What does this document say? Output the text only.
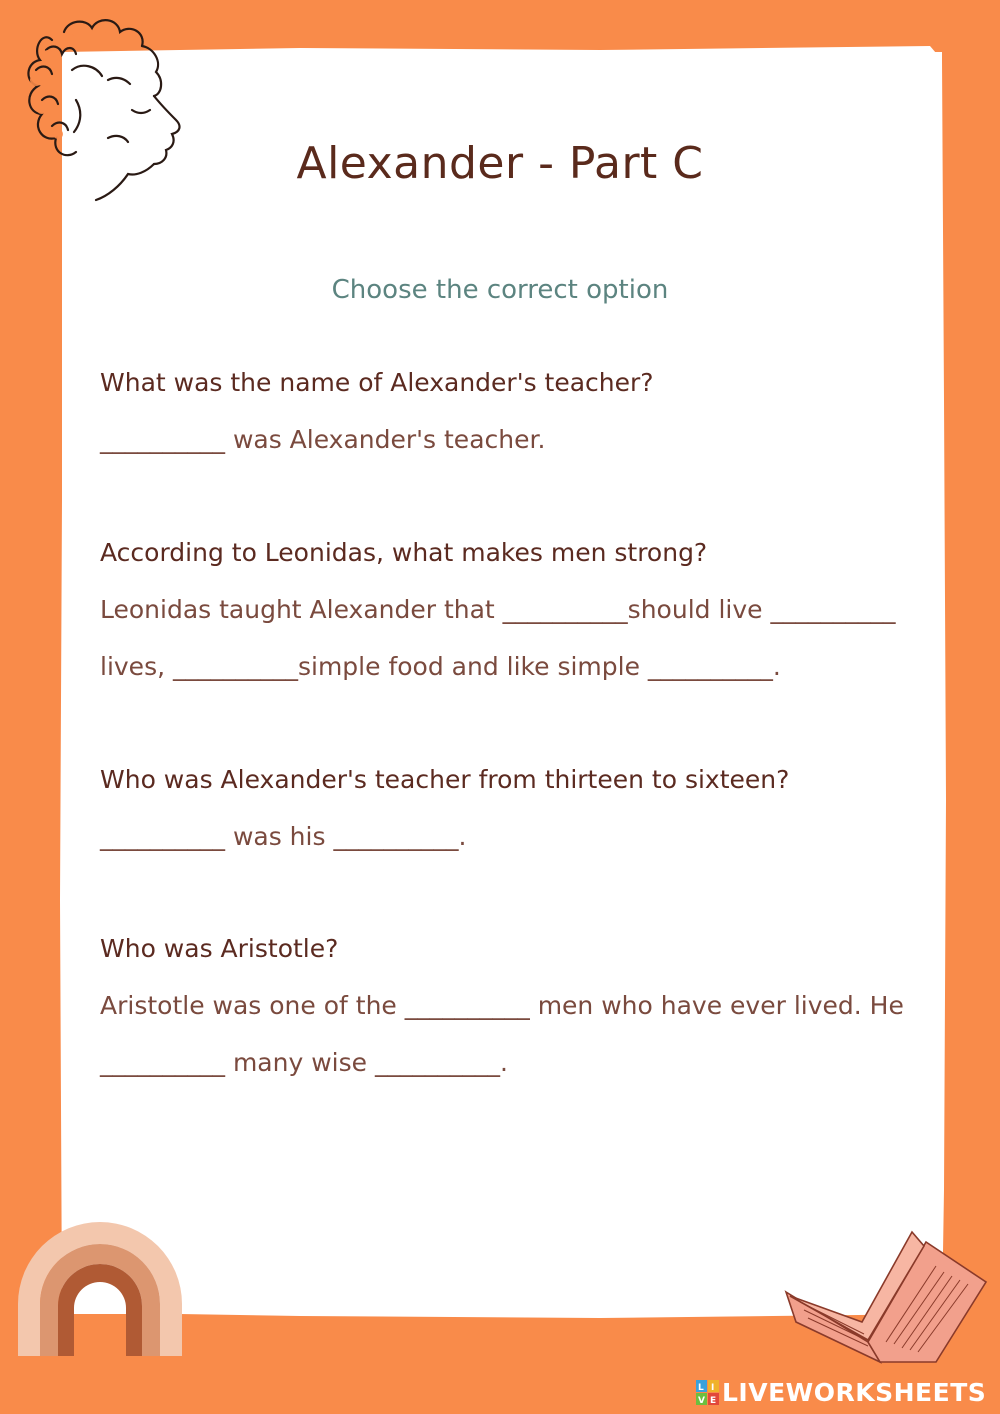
Alexander - Part C
Choose the correct option
What was the name of Alexander's teacher?
__________ was Alexander's teacher.
According to Leonidas, what makes men strong?
Leonidas taught Alexander that __________should live __________
lives, __________simple food and like simple __________.
Who was Alexander's teacher from thirteen to sixteen?
__________ was his __________.
Who was Aristotle?
Aristotle was one of the __________ men who have ever lived. He
__________ many wise __________.
L I
V E LIVEWORKSHEETS
